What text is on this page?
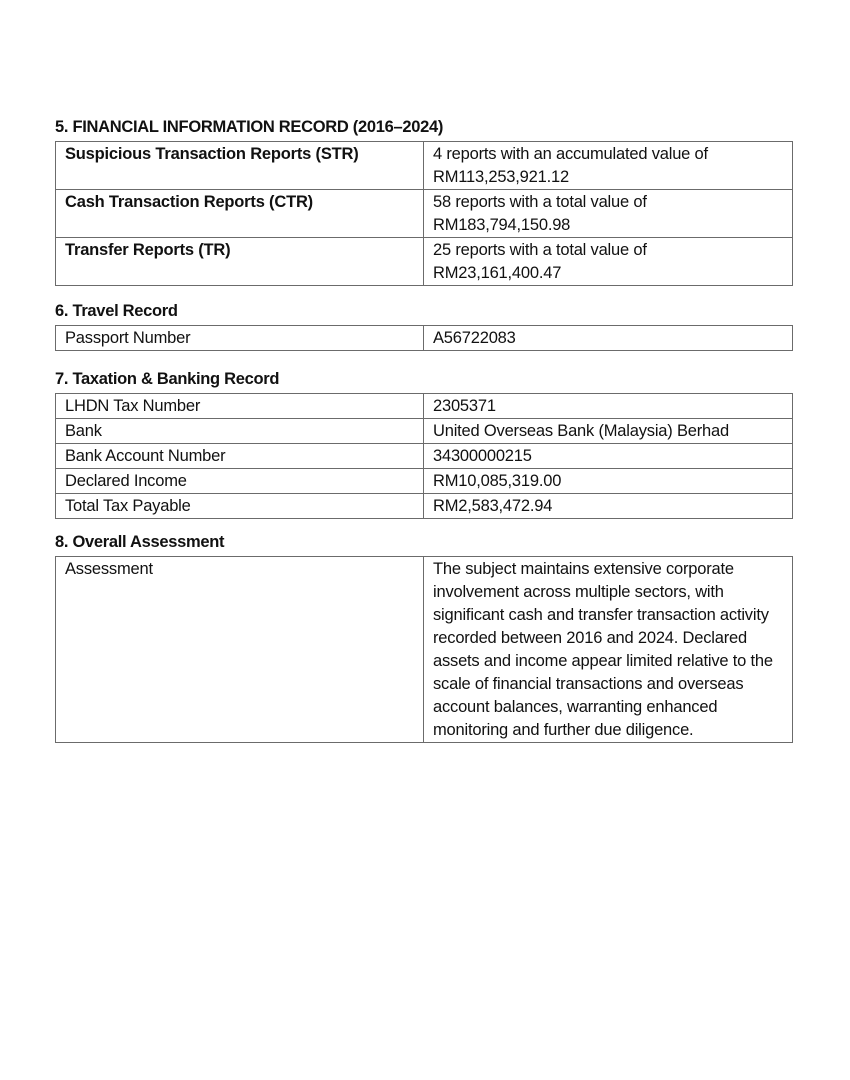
5. FINANCIAL INFORMATION RECORD (2016–2024)
Suspicious Transaction Reports (STR)	4 reports with an accumulated value of
RM113,253,921.12
Cash Transaction Reports (CTR)	58 reports with a total value of
RM183,794,150.98
Transfer Reports (TR)	25 reports with a total value of
RM23,161,400.47
6. Travel Record
Passport Number	A56722083
7. Taxation & Banking Record
LHDN Tax Number	2305371
Bank	United Overseas Bank (Malaysia) Berhad
Bank Account Number	34300000215
Declared Income	RM10,085,319.00
Total Tax Payable	RM2,583,472.94
8. Overall Assessment
Assessment	The subject maintains extensive corporate involvement across multiple sectors, with significant cash and transfer transaction activity recorded between 2016 and 2024. Declared assets and income appear limited relative to the scale of financial transactions and overseas account balances, warranting enhanced monitoring and further due diligence.
